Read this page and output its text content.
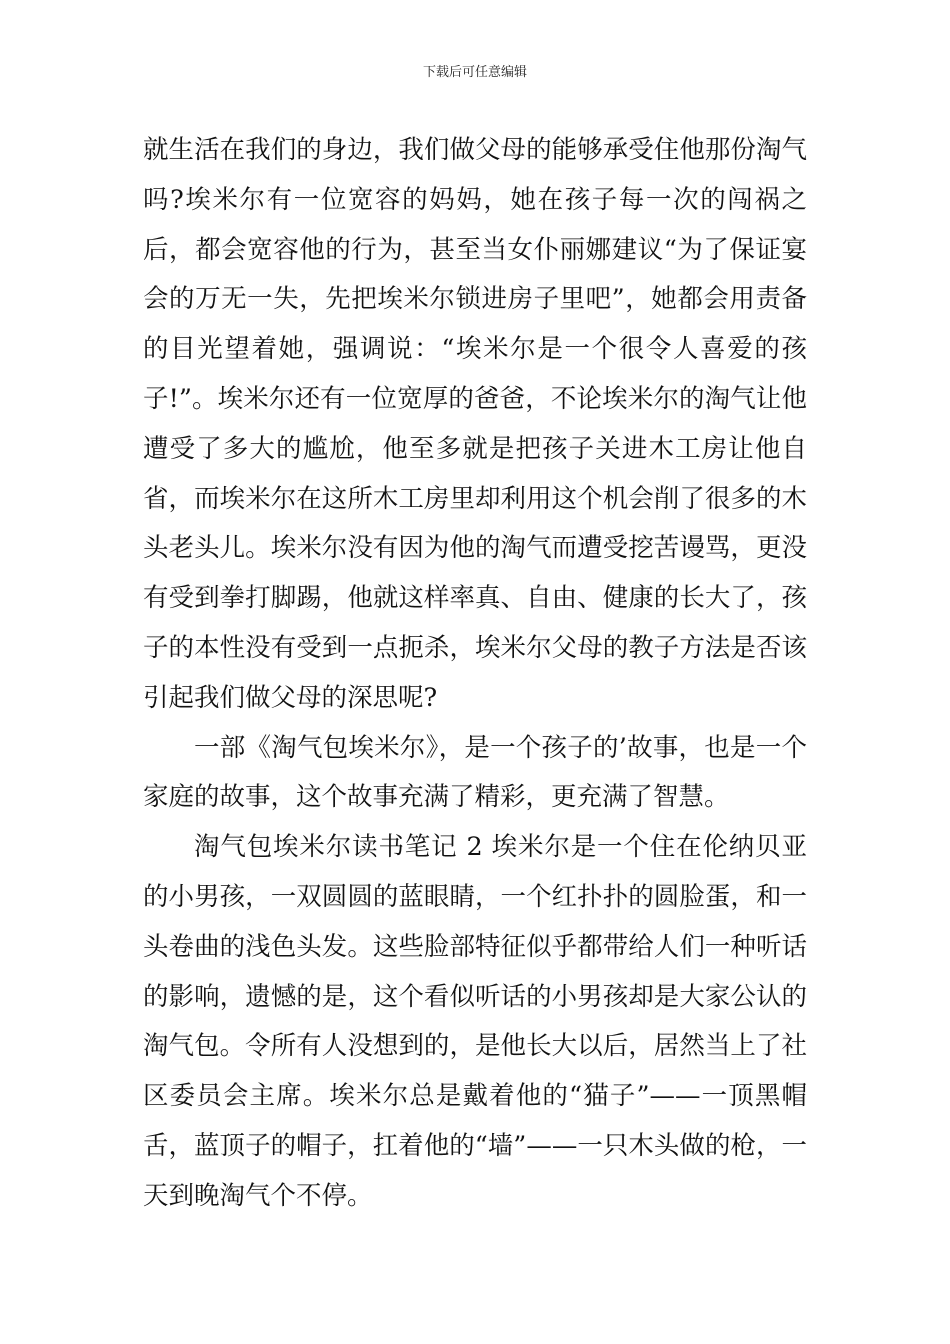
下载后可任意编辑

就生活在我们的身边，我们做父母的能够承受住他那份淘气吗?埃米尔有一位宽容的妈妈，她在孩子每一次的闯祸之后，都会宽容他的行为，甚至当女仆丽娜建议“为了保证宴会的万无一失，先把埃米尔锁进房子里吧”，她都会用责备的目光望着她，强调说：“埃米尔是一个很令人喜爱的孩子!”。埃米尔还有一位宽厚的爸爸，不论埃米尔的淘气让他遭受了多大的尴尬，他至多就是把孩子关进木工房让他自省，而埃米尔在这所木工房里却利用这个机会削了很多的木头老头儿。埃米尔没有因为他的淘气而遭受挖苦谩骂，更没有受到拳打脚踢，他就这样率真、自由、健康的长大了，孩子的本性没有受到一点扼杀，埃米尔父母的教子方法是否该引起我们做父母的深思呢?

一部《淘气包埃米尔》，是一个孩子的’故事，也是一个家庭的故事，这个故事充满了精彩，更充满了智慧。

淘气包埃米尔读书笔记 2 埃米尔是一个住在伦纳贝亚的小男孩，一双圆圆的蓝眼睛，一个红扑扑的圆脸蛋，和一头卷曲的浅色头发。这些脸部特征似乎都带给人们一种听话的影响，遗憾的是，这个看似听话的小男孩却是大家公认的淘气包。令所有人没想到的，是他长大以后，居然当上了社区委员会主席。埃米尔总是戴着他的“猫子”——一顶黑帽舌，蓝顶子的帽子，扛着他的“墙”——一只木头做的枪，一天到晚淘气个不停。
